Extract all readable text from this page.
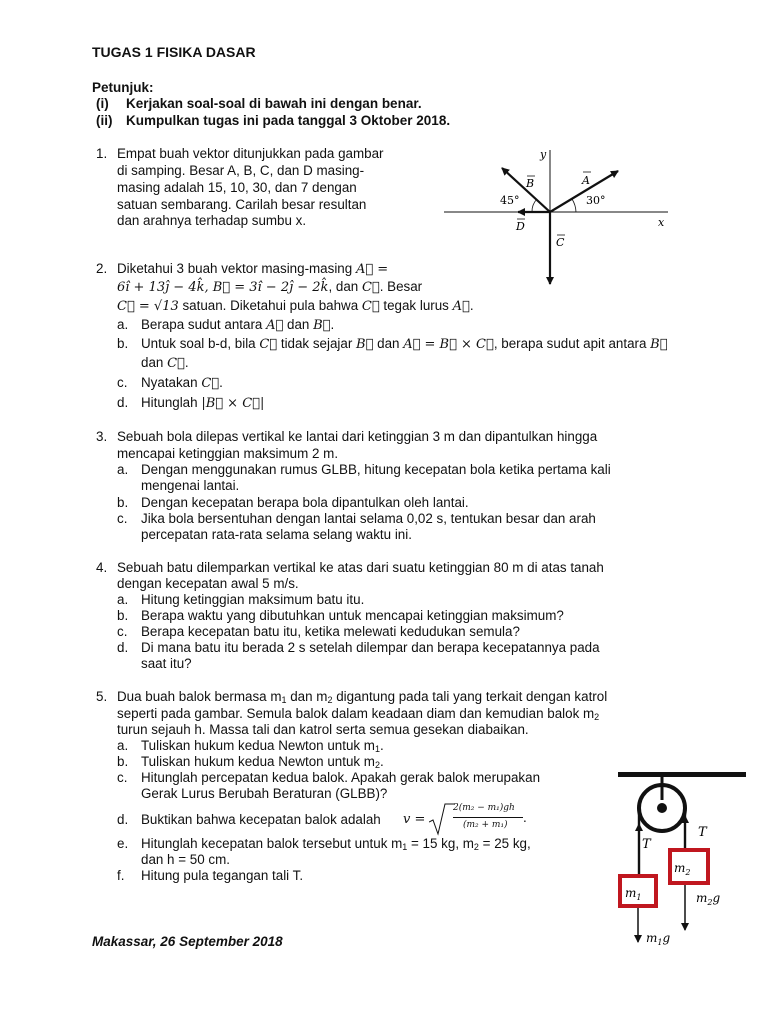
TUGAS 1 FISIKA DASAR
Petunjuk:
(i) Kerjakan soal-soal di bawah ini dengan benar.
(ii) Kumpulkan tugas ini pada tanggal 3 Oktober 2018.
1. Empat buah vektor ditunjukkan pada gambar
di samping. Besar A, B, C, dan D masing-
masing adalah 15, 10, 30, dan 7 dengan
satuan sembarang. Carilah besar resultan
dan arahnya terhadap sumbu x.
y
x
A
B
C
D
45°	30°
2. Diketahui 3 buah vektor masing-masing A⃗ =
6î + 13ĵ − 4k̂, B⃗ = 3î − 2ĵ − 2k̂, dan C⃗. Besar
C⃗ = √13 satuan. Diketahui pula bahwa C⃗ tegak lurus A⃗.
a. Berapa sudut antara A⃗ dan B⃗.
b. Untuk soal b-d, bila C⃗ tidak sejajar B⃗ dan A⃗ = B⃗ × C⃗, berapa sudut apit antara B⃗
dan C⃗.
c. Nyatakan C⃗.
d. Hitunglah |B⃗ × C⃗|
3. Sebuah bola dilepas vertikal ke lantai dari ketinggian 3 m dan dipantulkan hingga
mencapai ketinggian maksimum 2 m.
a. Dengan menggunakan rumus GLBB, hitung kecepatan bola ketika pertama kali
mengenai lantai.
b. Dengan kecepatan berapa bola dipantulkan oleh lantai.
c. Jika bola bersentuhan dengan lantai selama 0,02 s, tentukan besar dan arah
percepatan rata-rata selama selang waktu ini.
4. Sebuah batu dilemparkan vertikal ke atas dari suatu ketinggian 80 m di atas tanah
dengan kecepatan awal 5 m/s.
a. Hitung ketinggian maksimum batu itu.
b. Berapa waktu yang dibutuhkan untuk mencapai ketinggian maksimum?
c. Berapa kecepatan batu itu, ketika melewati kedudukan semula?
d. Di mana batu itu berada 2 s setelah dilempar dan berapa kecepatannya pada
saat itu?
5. Dua buah balok bermasa $m_1$ dan $m_2$ digantung pada tali yang terkait dengan katrol
seperti pada gambar. Semula balok dalam keadaan diam dan kemudian balok $m_2$
turun sejauh h. Massa tali dan katrol serta semua gesekan diabaikan.
a. Tuliskan hukum kedua Newton untuk $m_1$.
b. Tuliskan hukum kedua Newton untuk $m_2$.
c. Hitunglah percepatan kedua balok. Apakah gerak balok merupakan
Gerak Lurus Berubah Beraturan (GLBB)?
d. Buktikan bahwa kecepatan balok adalah v =
2(m₂ − m₁)gh
(m₂ + m₁) .
e. Hitunglah kecepatan balok tersebut untuk $m_1 = 15$ kg, $m_2 = 25$ kg,
dan h = 50 cm.
f. Hitung pula tegangan tali T.
T
T
$m_1$
$m_2$
$m_1g$
$m_2g$
Makassar, 26 September 2018
